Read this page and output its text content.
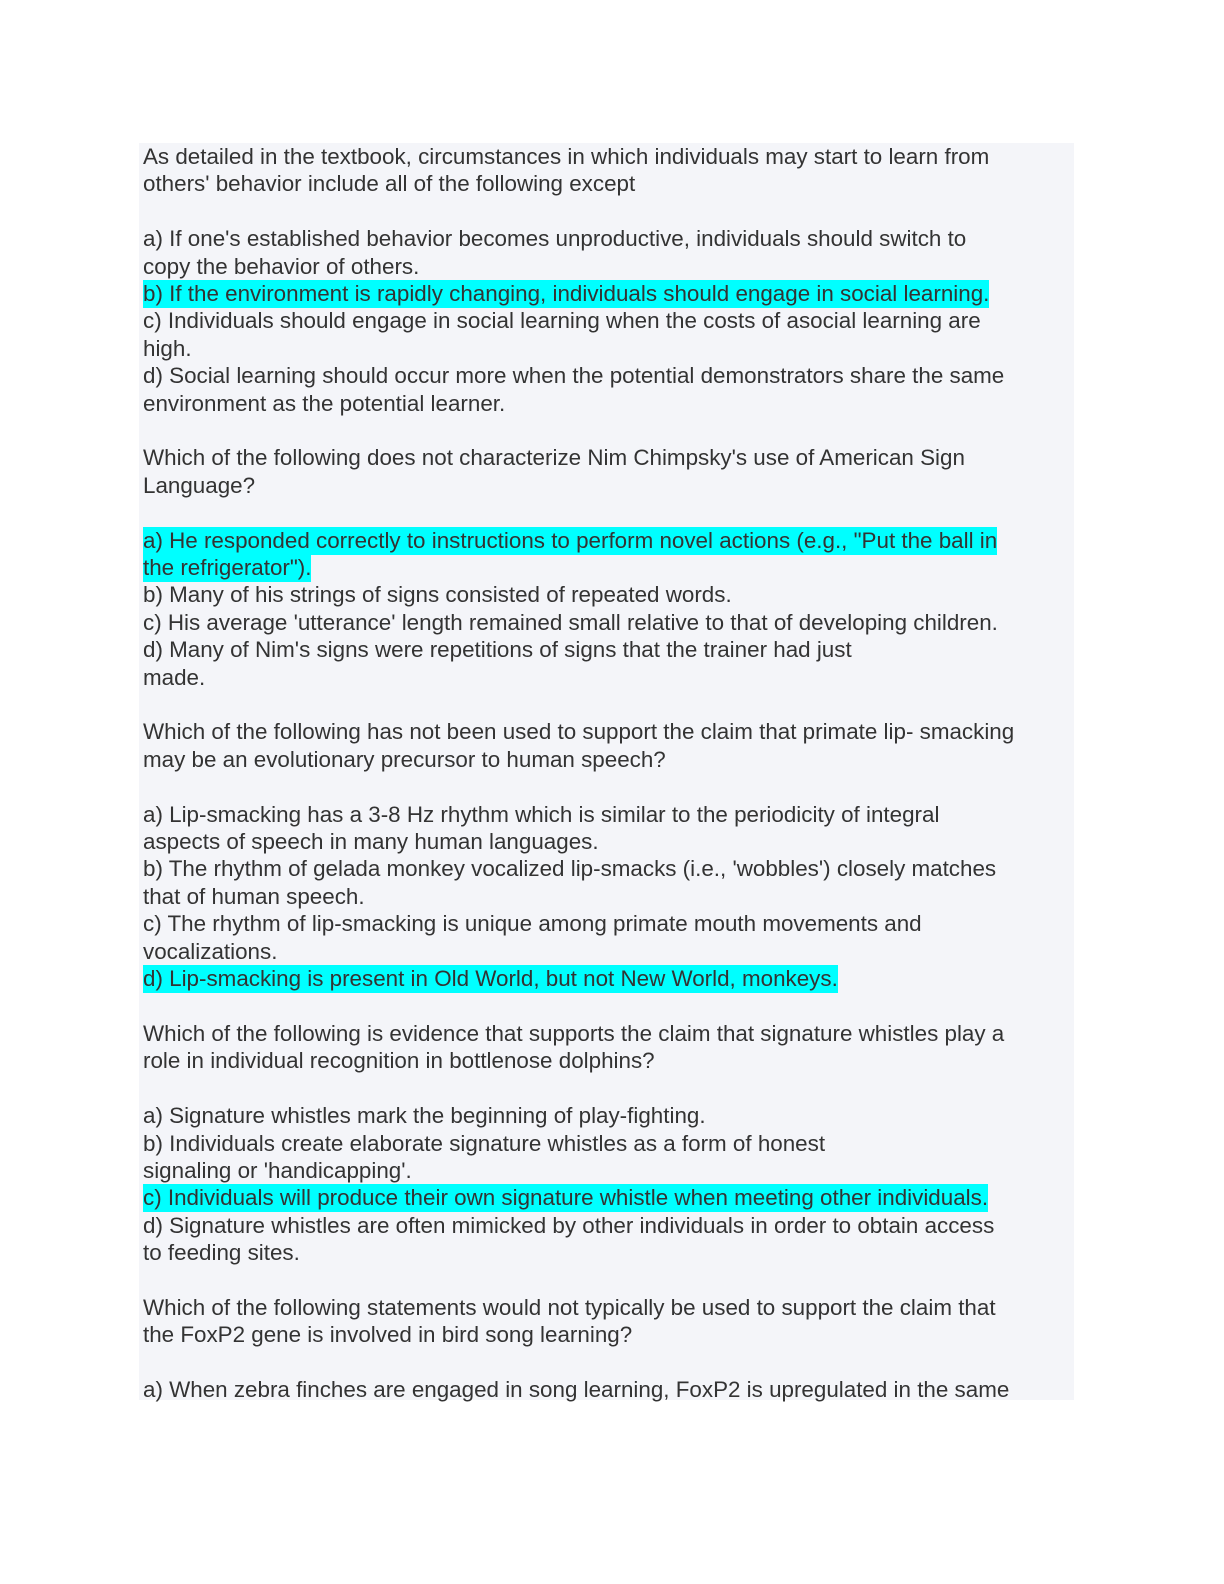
As detailed in the textbook, circumstances in which individuals may start to learn from
others' behavior include all of the following except
a) If one's established behavior becomes unproductive, individuals should switch to
copy the behavior of others.
b) If the environment is rapidly changing, individuals should engage in social learning.
c) Individuals should engage in social learning when the costs of asocial learning are
high.
d) Social learning should occur more when the potential demonstrators share the same
environment as the potential learner.
Which of the following does not characterize Nim Chimpsky's use of American Sign
Language?
a) He responded correctly to instructions to perform novel actions (e.g., "Put the ball in
the refrigerator").
b) Many of his strings of signs consisted of repeated words.
c) His average 'utterance' length remained small relative to that of developing children.
d) Many of Nim's signs were repetitions of signs that the trainer had just
made.
Which of the following has not been used to support the claim that primate lip- smacking
may be an evolutionary precursor to human speech?
a) Lip-smacking has a 3-8 Hz rhythm which is similar to the periodicity of integral
aspects of speech in many human languages.
b) The rhythm of gelada monkey vocalized lip-smacks (i.e., 'wobbles') closely matches
that of human speech.
c) The rhythm of lip-smacking is unique among primate mouth movements and
vocalizations.
d) Lip-smacking is present in Old World, but not New World, monkeys.
Which of the following is evidence that supports the claim that signature whistles play a
role in individual recognition in bottlenose dolphins?
a) Signature whistles mark the beginning of play-fighting.
b) Individuals create elaborate signature whistles as a form of honest
signaling or 'handicapping'.
c) Individuals will produce their own signature whistle when meeting other individuals.
d) Signature whistles are often mimicked by other individuals in order to obtain access
to feeding sites.
Which of the following statements would not typically be used to support the claim that
the FoxP2 gene is involved in bird song learning?
a) When zebra finches are engaged in song learning, FoxP2 is upregulated in the same
